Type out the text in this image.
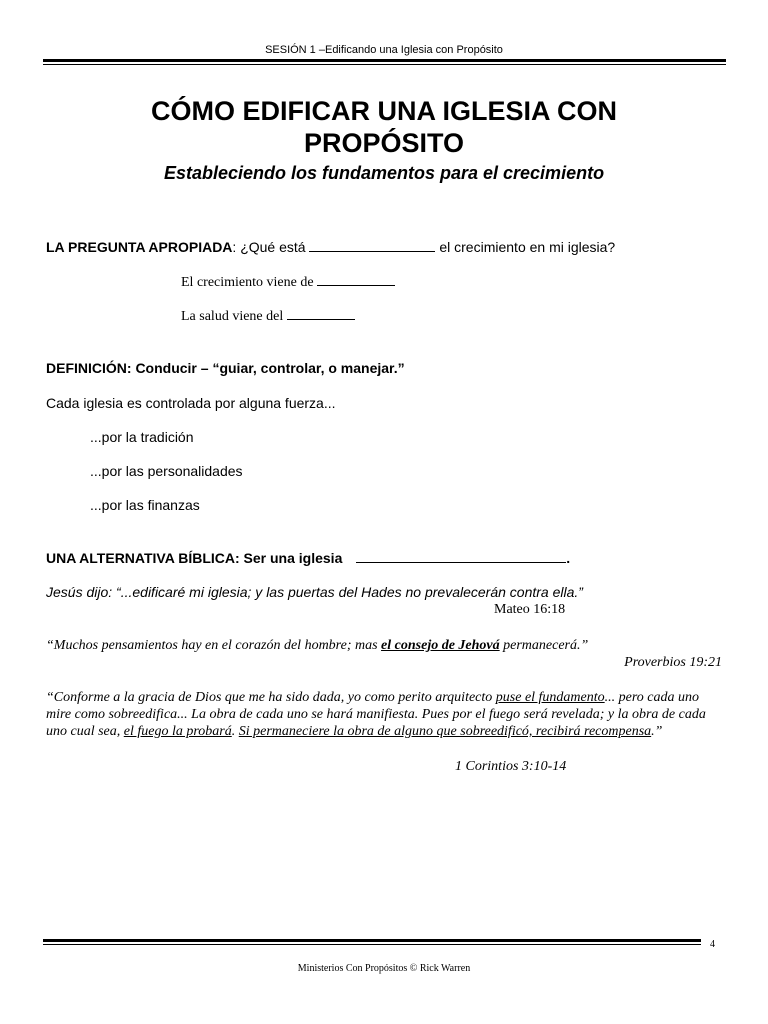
SESIÓN 1 –Edificando una Iglesia con Propósito
CÓMO EDIFICAR UNA IGLESIA CON
PROPÓSITO
Estableciendo los fundamentos para el crecimiento
LA PREGUNTA APROPIADA: ¿Qué está	el crecimiento en mi iglesia?
El crecimiento viene de
La salud viene del
DEFINICIÓN: Conducir – “guiar, controlar, o manejar.”
Cada iglesia es controlada por alguna fuerza...
...por la tradición
...por las personalidades
...por las finanzas
UNA ALTERNATIVA BÍBLICA: Ser una iglesia	.
Jesús dijo: “...edificaré mi iglesia; y las puertas del Hades no prevalecerán contra ella.”
Mateo 16:18
“Muchos pensamientos hay en el corazón del hombre; mas el consejo de Jehová permanecerá.”
Proverbios 19:21
“Conforme a la gracia de Dios que me ha sido dada, yo como perito arquitecto puse el fundamento... pero cada uno mire como sobreedifica... La obra de cada uno se hará manifiesta. Pues por el fuego será revelada; y la obra de cada uno cual sea, el fuego la probará. Si permaneciere la obra de alguno que sobreedificó, recibirá recompensa.”
1 Corintios 3:10-14
4
Ministerios Con Propósitos © Rick Warren
